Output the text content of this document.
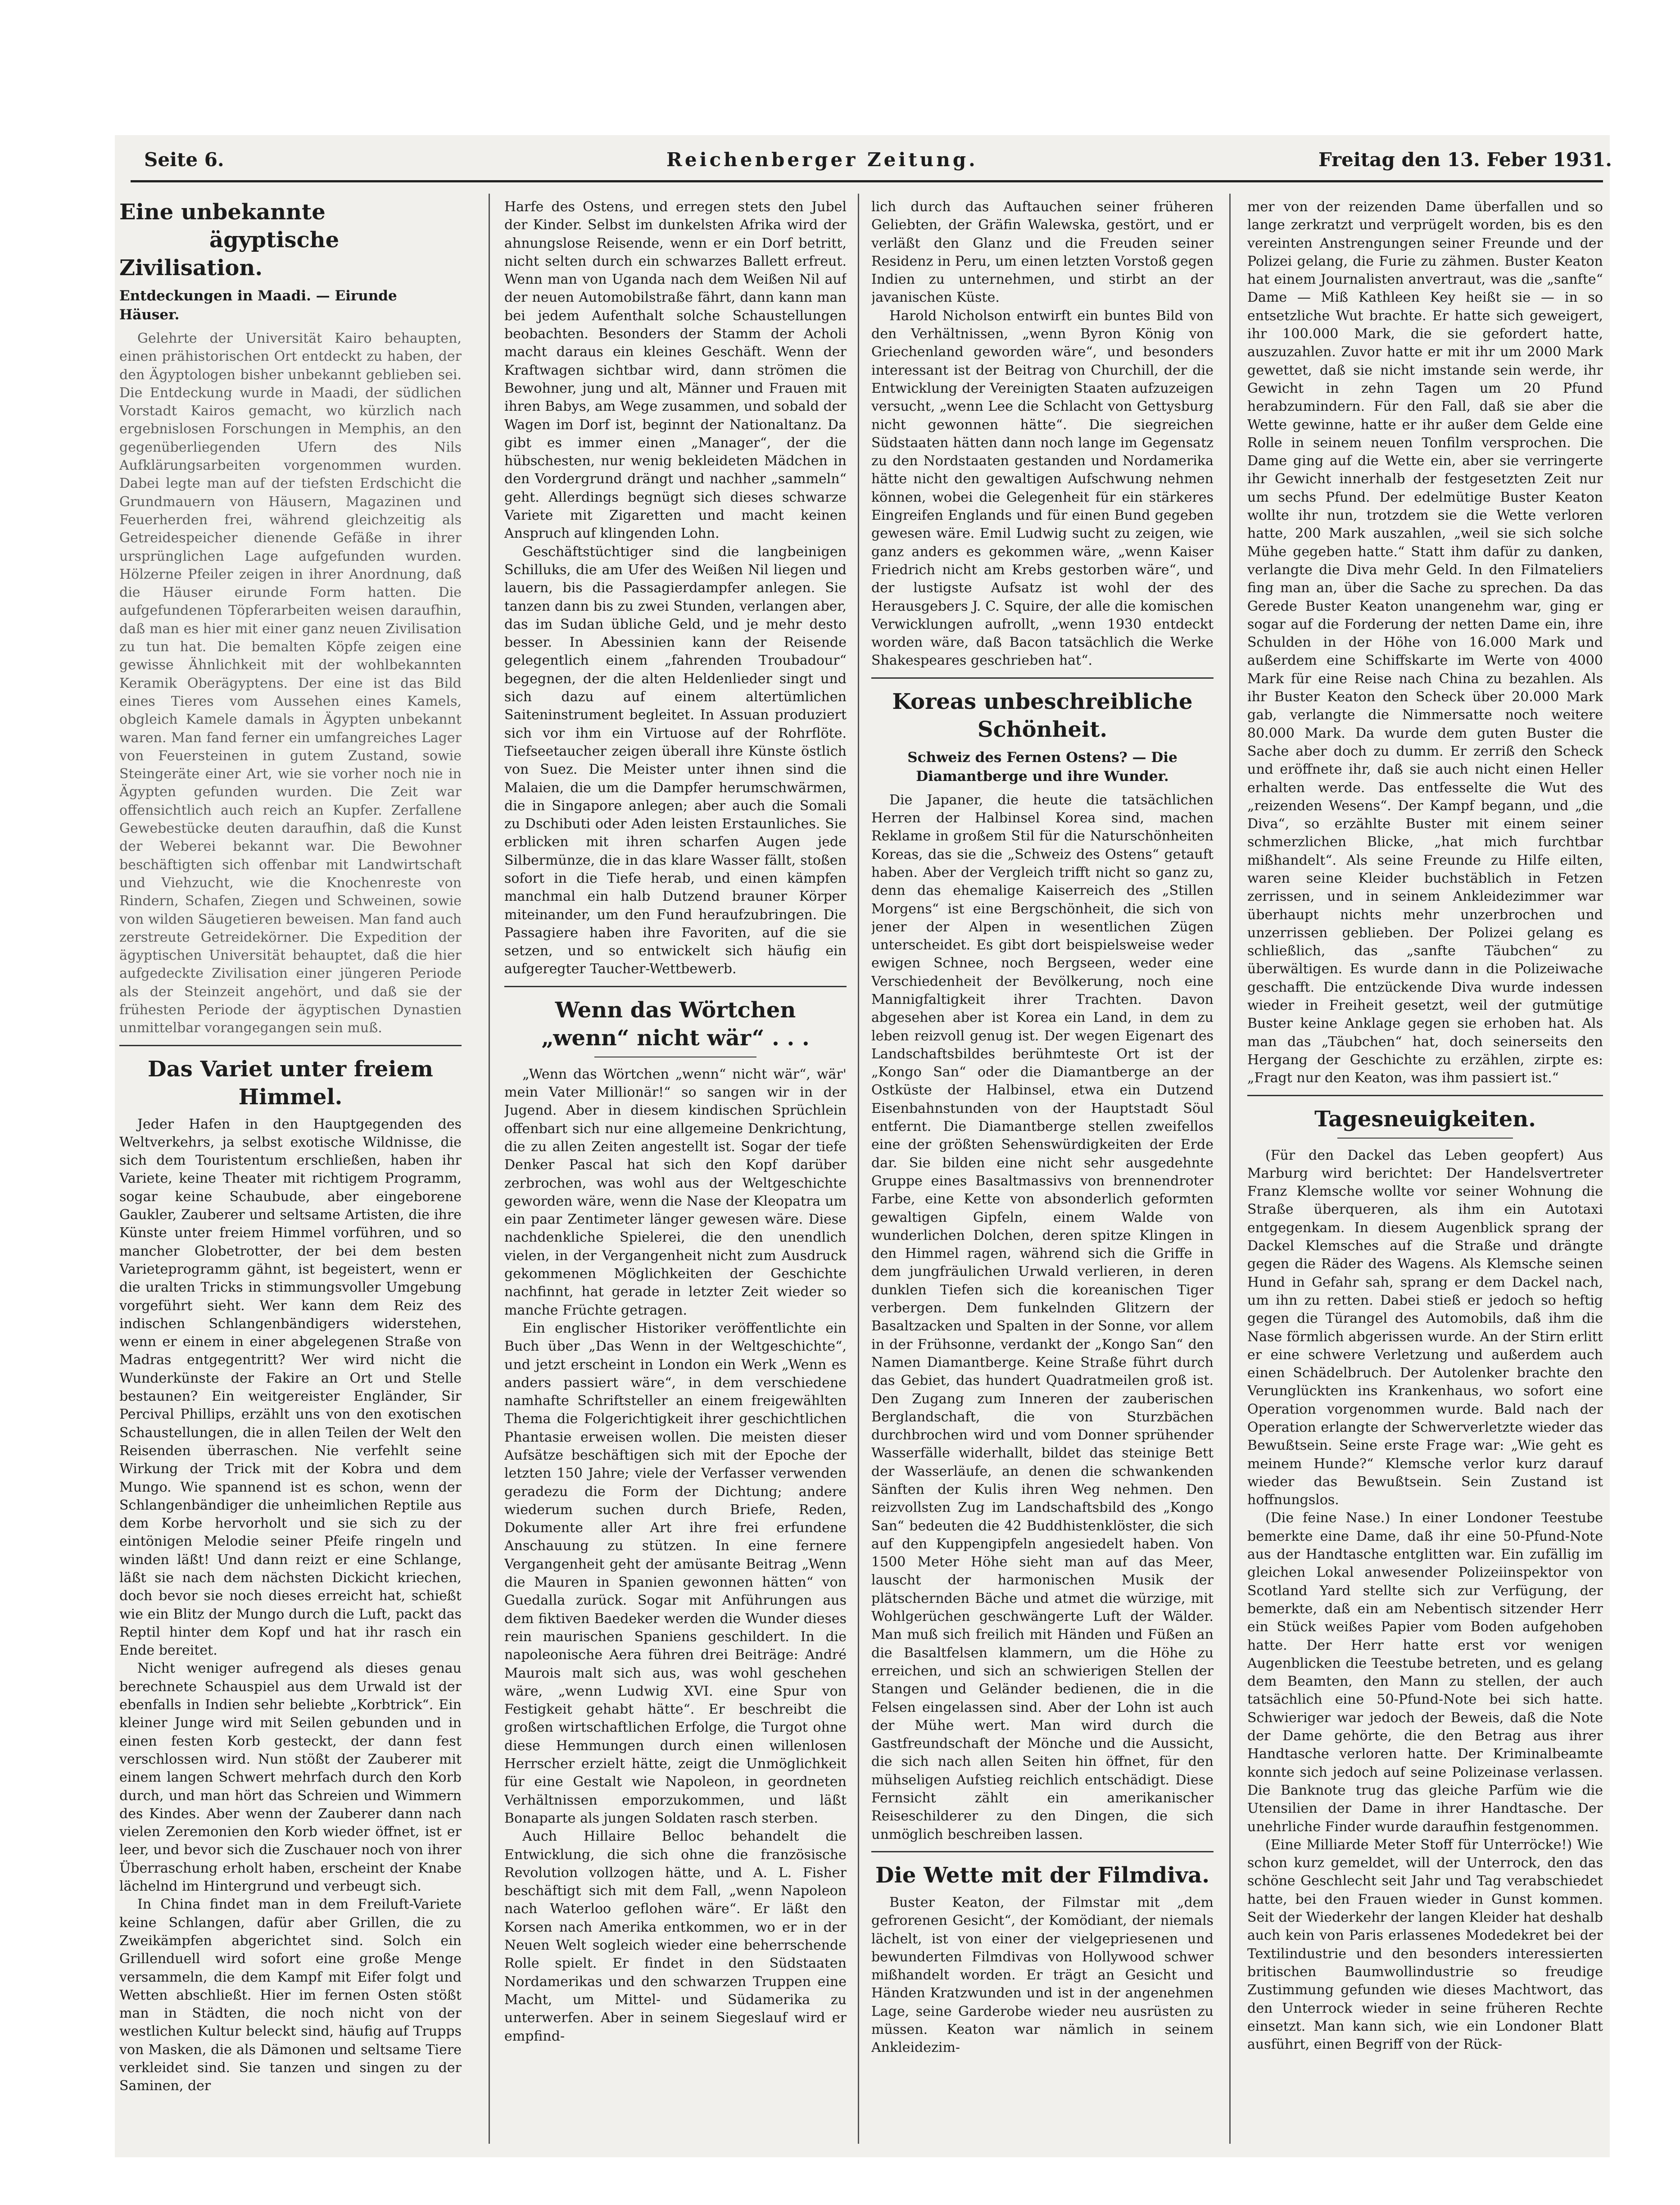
Seite 6.	Reichenberger Zeitung.	Freitag den 13. Feber 1931.
Eine unbekannte
ägyptische Zivilisation.
Entdeckungen in Maadi. — Eirunde Häuser.

Gelehrte der Universität Kairo behaupten, einen prähistorischen Ort entdeckt zu haben, der den Ägyptologen bisher unbekannt geblieben sei. Die Entdeckung wurde in Maadi, der südlichen Vorstadt Kairos gemacht, wo kürzlich nach ergebnislosen Forschungen in Memphis, an den gegenüberliegenden Ufern des Nils Aufklärungsarbeiten vorgenommen wurden. Dabei legte man auf der tiefsten Erdschicht die Grundmauern von Häusern, Magazinen und Feuerherden frei, während gleichzeitig als Getreidespeicher dienende Gefäße in ihrer ursprünglichen Lage aufgefunden wurden. Hölzerne Pfeiler zeigen in ihrer Anordnung, daß die Häuser eirunde Form hatten. Die aufgefundenen Töpferarbeiten weisen daraufhin, daß man es hier mit einer ganz neuen Zivilisation zu tun hat. Die bemalten Köpfe zeigen eine gewisse Ähnlichkeit mit der wohlbekannten Keramik Oberägyptens. Der eine ist das Bild eines Tieres vom Aussehen eines Kamels, obgleich Kamele damals in Ägypten unbekannt waren. Man fand ferner ein umfangreiches Lager von Feuersteinen in gutem Zustand, sowie Steingeräte einer Art, wie sie vorher noch nie in Ägypten gefunden wurden. Die Zeit war offensichtlich auch reich an Kupfer. Zerfallene Gewebestücke deuten daraufhin, daß die Kunst der Weberei bekannt war. Die Bewohner beschäftigten sich offenbar mit Landwirtschaft und Viehzucht, wie die Knochenreste von Rindern, Schafen, Ziegen und Schweinen, sowie von wilden Säugetieren beweisen. Man fand auch zerstreute Getreidekörner. Die Expedition der ägyptischen Universität behauptet, daß die hier aufgedeckte Zivilisation einer jüngeren Periode als der Steinzeit angehört, und daß sie der frühesten Periode der ägyptischen Dynastien unmittelbar vorangegangen sein muß.

Das Variet unter freiem Himmel.

Jeder Hafen in den Hauptgegenden des Weltverkehrs, ja selbst exotische Wildnisse, die sich dem Touristentum erschließen, haben ihr Variete, keine Theater mit richtigem Programm, sogar keine Schaubude, aber eingeborene Gaukler, Zauberer und seltsame Artisten, die ihre Künste unter freiem Himmel vorführen, und so mancher Globetrotter, der bei dem besten Varieteprogramm gähnt, ist begeistert, wenn er die uralten Tricks in stimmungsvoller Umgebung vorgeführt sieht. Wer kann dem Reiz des indischen Schlangenbändigers widerstehen, wenn er einem in einer abgelegenen Straße von Madras entgegentritt? Wer wird nicht die Wunderkünste der Fakire an Ort und Stelle bestaunen? Ein weitgereister Engländer, Sir Percival Phillips, erzählt uns von den exotischen Schaustellungen, die in allen Teilen der Welt den Reisenden überraschen. Nie verfehlt seine Wirkung der Trick mit der Kobra und dem Mungo. Wie spannend ist es schon, wenn der Schlangenbändiger die unheimlichen Reptile aus dem Korbe hervorholt und sie sich zu der eintönigen Melodie seiner Pfeife ringeln und winden läßt! Und dann reizt er eine Schlange, läßt sie nach dem nächsten Dickicht kriechen, doch bevor sie noch dieses erreicht hat, schießt wie ein Blitz der Mungo durch die Luft, packt das Reptil hinter dem Kopf und hat ihr rasch ein Ende bereitet.

Nicht weniger aufregend als dieses genau berechnete Schauspiel aus dem Urwald ist der ebenfalls in Indien sehr beliebte „Korbtrick“. Ein kleiner Junge wird mit Seilen gebunden und in einen festen Korb gesteckt, der dann fest verschlossen wird. Nun stößt der Zauberer mit einem langen Schwert mehrfach durch den Korb durch, und man hört das Schreien und Wimmern des Kindes. Aber wenn der Zauberer dann nach vielen Zeremonien den Korb wieder öffnet, ist er leer, und bevor sich die Zuschauer noch von ihrer Überraschung erholt haben, erscheint der Knabe lächelnd im Hintergrund und verbeugt sich.

In China findet man in dem Freiluft-Variete keine Schlangen, dafür aber Grillen, die zu Zweikämpfen abgerichtet sind. Solch ein Grillenduell wird sofort eine große Menge versammeln, die dem Kampf mit Eifer folgt und Wetten abschließt. Hier im fernen Osten stößt man in Städten, die noch nicht von der westlichen Kultur beleckt sind, häufig auf Trupps von Masken, die als Dämonen und seltsame Tiere verkleidet sind. Sie tanzen und singen zu der Saminen, der

Harfe des Ostens, und erregen stets den Jubel der Kinder. Selbst im dunkelsten Afrika wird der ahnungslose Reisende, wenn er ein Dorf betritt, nicht selten durch ein schwarzes Ballett erfreut. Wenn man von Uganda nach dem Weißen Nil auf der neuen Automobilstraße fährt, dann kann man bei jedem Aufenthalt solche Schaustellungen beobachten. Besonders der Stamm der Acholi macht daraus ein kleines Geschäft. Wenn der Kraftwagen sichtbar wird, dann strömen die Bewohner, jung und alt, Männer und Frauen mit ihren Babys, am Wege zusammen, und sobald der Wagen im Dorf ist, beginnt der Nationaltanz. Da gibt es immer einen „Manager“, der die hübschesten, nur wenig bekleideten Mädchen in den Vordergrund drängt und nachher „sammeln“ geht. Allerdings begnügt sich dieses schwarze Variete mit Zigaretten und macht keinen Anspruch auf klingenden Lohn.

Geschäftstüchtiger sind die langbeinigen Schilluks, die am Ufer des Weißen Nil liegen und lauern, bis die Passagierdampfer anlegen. Sie tanzen dann bis zu zwei Stunden, verlangen aber, das im Sudan übliche Geld, und je mehr desto besser. In Abessinien kann der Reisende gelegentlich einem „fahrenden Troubadour“ begegnen, der die alten Heldenlieder singt und sich dazu auf einem altertümlichen Saiteninstrument begleitet. In Assuan produziert sich vor ihm ein Virtuose auf der Rohrflöte. Tiefseetaucher zeigen überall ihre Künste östlich von Suez. Die Meister unter ihnen sind die Malaien, die um die Dampfer herumschwärmen, die in Singapore anlegen; aber auch die Somali zu Dschibuti oder Aden leisten Erstaunliches. Sie erblicken mit ihren scharfen Augen jede Silbermünze, die in das klare Wasser fällt, stoßen sofort in die Tiefe herab, und einen kämpfen manchmal ein halb Dutzend brauner Körper miteinander, um den Fund heraufzubringen. Die Passagiere haben ihre Favoriten, auf die sie setzen, und so entwickelt sich häufig ein aufgeregter Taucher-Wettbewerb.

Wenn das Wörtchen
„wenn“ nicht wär“ . . .

„Wenn das Wörtchen „wenn“ nicht wär“, wär' mein Vater Millionär!“ so sangen wir in der Jugend. Aber in diesem kindischen Sprüchlein offenbart sich nur eine allgemeine Denkrichtung, die zu allen Zeiten angestellt ist. Sogar der tiefe Denker Pascal hat sich den Kopf darüber zerbrochen, was wohl aus der Weltgeschichte geworden wäre, wenn die Nase der Kleopatra um ein paar Zentimeter länger gewesen wäre. Diese nachdenkliche Spielerei, die den unendlich vielen, in der Vergangenheit nicht zum Ausdruck gekommenen Möglichkeiten der Geschichte nachfinnt, hat gerade in letzter Zeit wieder so manche Früchte getragen.

Ein englischer Historiker veröffentlichte ein Buch über „Das Wenn in der Weltgeschichte“, und jetzt erscheint in London ein Werk „Wenn es anders passiert wäre“, in dem verschiedene namhafte Schriftsteller an einem freigewählten Thema die Folgerichtigkeit ihrer geschichtlichen Phantasie erweisen wollen. Die meisten dieser Aufsätze beschäftigen sich mit der Epoche der letzten 150 Jahre; viele der Verfasser verwenden geradezu die Form der Dichtung; andere wiederum suchen durch Briefe, Reden, Dokumente aller Art ihre frei erfundene Anschauung zu stützen. In eine fernere Vergangenheit geht der amüsante Beitrag „Wenn die Mauren in Spanien gewonnen hätten“ von Guedalla zurück. Sogar mit Anführungen aus dem fiktiven Baedeker werden die Wunder dieses rein maurischen Spaniens geschildert. In die napoleonische Aera führen drei Beiträge: André Maurois malt sich aus, was wohl geschehen wäre, „wenn Ludwig XVI. eine Spur von Festigkeit gehabt hätte“. Er beschreibt die großen wirtschaftlichen Erfolge, die Turgot ohne diese Hemmungen durch einen willenlosen Herrscher erzielt hätte, zeigt die Unmöglichkeit für eine Gestalt wie Napoleon, in geordneten Verhältnissen emporzukommen, und läßt Bonaparte als jungen Soldaten rasch sterben.

Auch Hillaire Belloc behandelt die Entwicklung, die sich ohne die französische Revolution vollzogen hätte, und A. L. Fisher beschäftigt sich mit dem Fall, „wenn Napoleon nach Waterloo geflohen wäre“. Er läßt den Korsen nach Amerika entkommen, wo er in der Neuen Welt sogleich wieder eine beherrschende Rolle spielt. Er findet in den Südstaaten Nordamerikas und den schwarzen Truppen eine Macht, um Mittel- und Südamerika zu unterwerfen. Aber in seinem Siegeslauf wird er empfind-

lich durch das Auftauchen seiner früheren Geliebten, der Gräfin Walewska, gestört, und er verläßt den Glanz und die Freuden seiner Residenz in Peru, um einen letzten Vorstoß gegen Indien zu unternehmen, und stirbt an der javanischen Küste.

Harold Nicholson entwirft ein buntes Bild von den Verhältnissen, „wenn Byron König von Griechenland geworden wäre“, und besonders interessant ist der Beitrag von Churchill, der die Entwicklung der Vereinigten Staaten aufzuzeigen versucht, „wenn Lee die Schlacht von Gettysburg nicht gewonnen hätte“. Die siegreichen Südstaaten hätten dann noch lange im Gegensatz zu den Nordstaaten gestanden und Nordamerika hätte nicht den gewaltigen Aufschwung nehmen können, wobei die Gelegenheit für ein stärkeres Eingreifen Englands und für einen Bund gegeben gewesen wäre. Emil Ludwig sucht zu zeigen, wie ganz anders es gekommen wäre, „wenn Kaiser Friedrich nicht am Krebs gestorben wäre“, und der lustigste Aufsatz ist wohl der des Herausgebers J. C. Squire, der alle die komischen Verwicklungen aufrollt, „wenn 1930 entdeckt worden wäre, daß Bacon tatsächlich die Werke Shakespeares geschrieben hat“.

Koreas unbeschreibliche Schönheit.
Schweiz des Fernen Ostens? — Die
Diamantberge und ihre Wunder.

Die Japaner, die heute die tatsächlichen Herren der Halbinsel Korea sind, machen Reklame in großem Stil für die Naturschönheiten Koreas, das sie die „Schweiz des Ostens“ getauft haben. Aber der Vergleich trifft nicht so ganz zu, denn das ehemalige Kaiserreich des „Stillen Morgens“ ist eine Bergschönheit, die sich von jener der Alpen in wesentlichen Zügen unterscheidet. Es gibt dort beispielsweise weder ewigen Schnee, noch Bergseen, weder eine Verschiedenheit der Bevölkerung, noch eine Mannigfaltigkeit ihrer Trachten. Davon abgesehen aber ist Korea ein Land, in dem zu leben reizvoll genug ist. Der wegen Eigenart des Landschaftsbildes berühmteste Ort ist der „Kongo San“ oder die Diamantberge an der Ostküste der Halbinsel, etwa ein Dutzend Eisenbahnstunden von der Hauptstadt Söul entfernt. Die Diamantberge stellen zweifellos eine der größten Sehenswürdigkeiten der Erde dar. Sie bilden eine nicht sehr ausgedehnte Gruppe eines Basaltmassivs von brennendroter Farbe, eine Kette von absonderlich geformten gewaltigen Gipfeln, einem Walde von wunderlichen Dolchen, deren spitze Klingen in den Himmel ragen, während sich die Griffe in dem jungfräulichen Urwald verlieren, in deren dunklen Tiefen sich die koreanischen Tiger verbergen. Dem funkelnden Glitzern der Basaltzacken und Spalten in der Sonne, vor allem in der Frühsonne, verdankt der „Kongo San“ den Namen Diamantberge. Keine Straße führt durch das Gebiet, das hundert Quadratmeilen groß ist. Den Zugang zum Inneren der zauberischen Berglandschaft, die von Sturzbächen durchbrochen wird und vom Donner sprühender Wasserfälle widerhallt, bildet das steinige Bett der Wasserläufe, an denen die schwankenden Sänften der Kulis ihren Weg nehmen. Den reizvollsten Zug im Landschaftsbild des „Kongo San“ bedeuten die 42 Buddhistenklöster, die sich auf den Kuppengipfeln angesiedelt haben. Von 1500 Meter Höhe sieht man auf das Meer, lauscht der harmonischen Musik der plätschernden Bäche und atmet die würzige, mit Wohlgerüchen geschwängerte Luft der Wälder. Man muß sich freilich mit Händen und Füßen an die Basaltfelsen klammern, um die Höhe zu erreichen, und sich an schwierigen Stellen der Stangen und Geländer bedienen, die in die Felsen eingelassen sind. Aber der Lohn ist auch der Mühe wert. Man wird durch die Gastfreundschaft der Mönche und die Aussicht, die sich nach allen Seiten hin öffnet, für den mühseligen Aufstieg reichlich entschädigt. Diese Fernsicht zählt ein amerikanischer Reiseschilderer zu den Dingen, die sich unmöglich beschreiben lassen.

Die Wette mit der Filmdiva.

Buster Keaton, der Filmstar mit „dem gefrorenen Gesicht“, der Komödiant, der niemals lächelt, ist von einer der vielgepriesenen und bewunderten Filmdivas von Hollywood schwer mißhandelt worden. Er trägt an Gesicht und Händen Kratzwunden und ist in der angenehmen Lage, seine Garderobe wieder neu ausrüsten zu müssen. Keaton war nämlich in seinem Ankleidezim-

mer von der reizenden Dame überfallen und so lange zerkratzt und verprügelt worden, bis es den vereinten Anstrengungen seiner Freunde und der Polizei gelang, die Furie zu zähmen. Buster Keaton hat einem Journalisten anvertraut, was die „sanfte“ Dame — Miß Kathleen Key heißt sie — in so entsetzliche Wut brachte. Er hatte sich geweigert, ihr 100.000 Mark, die sie gefordert hatte, auszuzahlen. Zuvor hatte er mit ihr um 2000 Mark gewettet, daß sie nicht imstande sein werde, ihr Gewicht in zehn Tagen um 20 Pfund herabzumindern. Für den Fall, daß sie aber die Wette gewinne, hatte er ihr außer dem Gelde eine Rolle in seinem neuen Tonfilm versprochen. Die Dame ging auf die Wette ein, aber sie verringerte ihr Gewicht innerhalb der festgesetzten Zeit nur um sechs Pfund. Der edelmütige Buster Keaton wollte ihr nun, trotzdem sie die Wette verloren hatte, 200 Mark auszahlen, „weil sie sich solche Mühe gegeben hatte.“ Statt ihm dafür zu danken, verlangte die Diva mehr Geld. In den Filmateliers fing man an, über die Sache zu sprechen. Da das Gerede Buster Keaton unangenehm war, ging er sogar auf die Forderung der netten Dame ein, ihre Schulden in der Höhe von 16.000 Mark und außerdem eine Schiffskarte im Werte von 4000 Mark für eine Reise nach China zu bezahlen. Als ihr Buster Keaton den Scheck über 20.000 Mark gab, verlangte die Nimmersatte noch weitere 80.000 Mark. Da wurde dem guten Buster die Sache aber doch zu dumm. Er zerriß den Scheck und eröffnete ihr, daß sie auch nicht einen Heller erhalten werde. Das entfesselte die Wut des „reizenden Wesens“. Der Kampf begann, und „die Diva“, so erzählte Buster mit einem seiner schmerzlichen Blicke, „hat mich furchtbar mißhandelt“. Als seine Freunde zu Hilfe eilten, waren seine Kleider buchstäblich in Fetzen zerrissen, und in seinem Ankleidezimmer war überhaupt nichts mehr unzerbrochen und unzerrissen geblieben. Der Polizei gelang es schließlich, das „sanfte Täubchen“ zu überwältigen. Es wurde dann in die Polizeiwache geschafft. Die entzückende Diva wurde indessen wieder in Freiheit gesetzt, weil der gutmütige Buster keine Anklage gegen sie erhoben hat. Als man das „Täubchen“ hat, doch seinerseits den Hergang der Geschichte zu erzählen, zirpte es: „Fragt nur den Keaton, was ihm passiert ist.“

Tagesneuigkeiten.

(Für den Dackel das Leben geopfert) Aus Marburg wird berichtet: Der Handelsvertreter Franz Klemsche wollte vor seiner Wohnung die Straße überqueren, als ihm ein Autotaxi entgegenkam. In diesem Augenblick sprang der Dackel Klemsches auf die Straße und drängte gegen die Räder des Wagens. Als Klemsche seinen Hund in Gefahr sah, sprang er dem Dackel nach, um ihn zu retten. Dabei stieß er jedoch so heftig gegen die Türangel des Automobils, daß ihm die Nase förmlich abgerissen wurde. An der Stirn erlitt er eine schwere Verletzung und außerdem auch einen Schädelbruch. Der Autolenker brachte den Verunglückten ins Krankenhaus, wo sofort eine Operation vorgenommen wurde. Bald nach der Operation erlangte der Schwerverletzte wieder das Bewußtsein. Seine erste Frage war: „Wie geht es meinem Hunde?“ Klemsche verlor kurz darauf wieder das Bewußtsein. Sein Zustand ist hoffnungslos.

(Die feine Nase.) In einer Londoner Teestube bemerkte eine Dame, daß ihr eine 50-Pfund-Note aus der Handtasche entglitten war. Ein zufällig im gleichen Lokal anwesender Polizeiinspektor von Scotland Yard stellte sich zur Verfügung, der bemerkte, daß ein am Nebentisch sitzender Herr ein Stück weißes Papier vom Boden aufgehoben hatte. Der Herr hatte erst vor wenigen Augenblicken die Teestube betreten, und es gelang dem Beamten, den Mann zu stellen, der auch tatsächlich eine 50-Pfund-Note bei sich hatte. Schwieriger war jedoch der Beweis, daß die Note der Dame gehörte, die den Betrag aus ihrer Handtasche verloren hatte. Der Kriminalbeamte konnte sich jedoch auf seine Polizeinase verlassen. Die Banknote trug das gleiche Parfüm wie die Utensilien der Dame in ihrer Handtasche. Der unehrliche Finder wurde daraufhin festgenommen.

(Eine Milliarde Meter Stoff für Unterröcke!) Wie schon kurz gemeldet, will der Unterrock, den das schöne Geschlecht seit Jahr und Tag verabschiedet hatte, bei den Frauen wieder in Gunst kommen. Seit der Wiederkehr der langen Kleider hat deshalb auch kein von Paris erlassenes Modedekret bei der Textilindustrie und den besonders interessierten britischen Baumwollindustrie so freudige Zustimmung gefunden wie dieses Machtwort, das den Unterrock wieder in seine früheren Rechte einsetzt. Man kann sich, wie ein Londoner Blatt ausführt, einen Begriff von der Rück-
